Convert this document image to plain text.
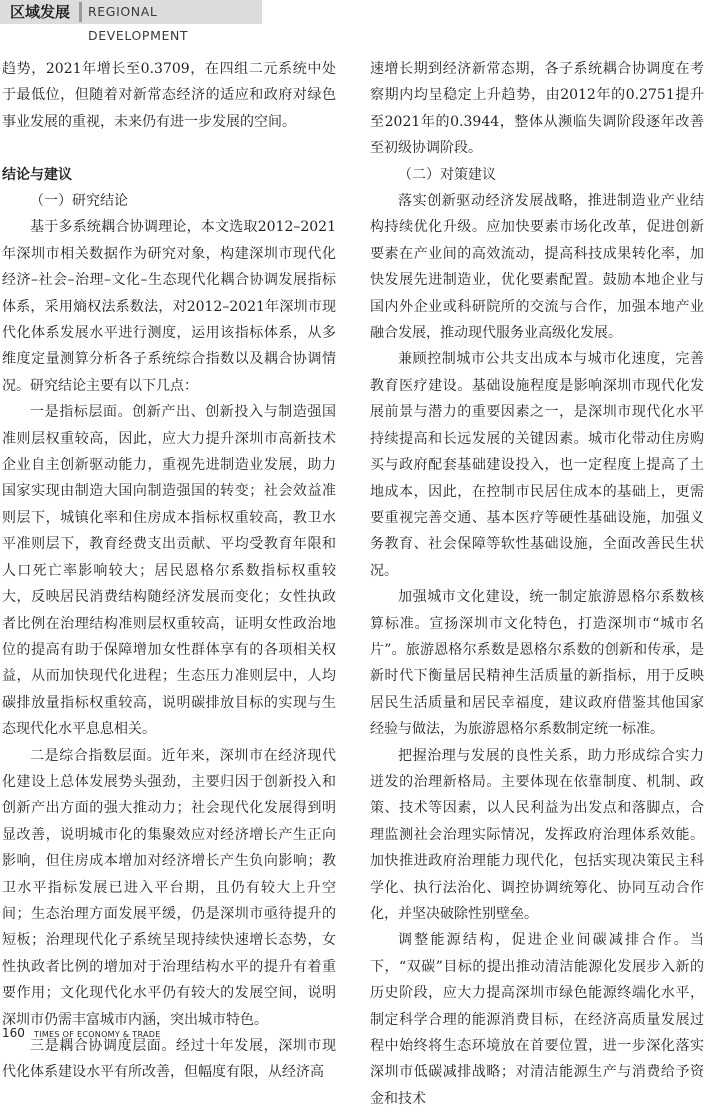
区域发展	REGIONAL DEVELOPMENT

趋势，2021年增长至0.3709，在四组二元系统中处于最低位，但随着对新常态经济的适应和政府对绿色事业发展的重视，未来仍有进一步发展的空间。

结论与建议

（一）研究结论

基于多系统耦合协调理论，本文选取2012–2021年深圳市相关数据作为研究对象，构建深圳市现代化经济–社会–治理–文化–生态现代化耦合协调发展指标体系，采用熵权法系数法，对2012–2021年深圳市现代化体系发展水平进行测度，运用该指标体系，从多维度定量测算分析各子系统综合指数以及耦合协调情况。研究结论主要有以下几点：

一是指标层面。创新产出、创新投入与制造强国准则层权重较高，因此，应大力提升深圳市高新技术企业自主创新驱动能力，重视先进制造业发展，助力国家实现由制造大国向制造强国的转变；社会效益准则层下，城镇化率和住房成本指标权重较高，教卫水平准则层下，教育经费支出贡献、平均受教育年限和人口死亡率影响较大；居民恩格尔系数指标权重较大，反映居民消费结构随经济发展而变化；女性执政者比例在治理结构准则层权重较高，证明女性政治地位的提高有助于保障增加女性群体享有的各项相关权益，从而加快现代化进程；生态压力准则层中，人均碳排放量指标权重较高，说明碳排放目标的实现与生态现代化水平息息相关。

二是综合指数层面。近年来，深圳市在经济现代化建设上总体发展势头强劲，主要归因于创新投入和创新产出方面的强大推动力；社会现代化发展得到明显改善，说明城市化的集聚效应对经济增长产生正向影响，但住房成本增加对经济增长产生负向影响；教卫水平指标发展已进入平台期，且仍有较大上升空间；生态治理方面发展平缓，仍是深圳市亟待提升的短板；治理现代化子系统呈现持续快速增长态势，女性执政者比例的增加对于治理结构水平的提升有着重要作用；文化现代化水平仍有较大的发展空间，说明深圳市仍需丰富城市内涵，突出城市特色。

三是耦合协调度层面。经过十年发展，深圳市现代化体系建设水平有所改善，但幅度有限，从经济高

速增长期到经济新常态期，各子系统耦合协调度在考察期内均呈稳定上升趋势，由2012年的0.2751提升至2021年的0.3944，整体从濒临失调阶段逐年改善至初级协调阶段。

（二）对策建议

落实创新驱动经济发展战略，推进制造业产业结构持续优化升级。应加快要素市场化改革，促进创新要素在产业间的高效流动，提高科技成果转化率，加快发展先进制造业，优化要素配置。鼓励本地企业与国内外企业或科研院所的交流与合作，加强本地产业融合发展，推动现代服务业高级化发展。

兼顾控制城市公共支出成本与城市化速度，完善教育医疗建设。基础设施程度是影响深圳市现代化发展前景与潜力的重要因素之一，是深圳市现代化水平持续提高和长远发展的关键因素。城市化带动住房购买与政府配套基础建设投入，也一定程度上提高了土地成本，因此，在控制市民居住成本的基础上，更需要重视完善交通、基本医疗等硬性基础设施，加强义务教育、社会保障等软性基础设施，全面改善民生状况。

加强城市文化建设，统一制定旅游恩格尔系数核算标准。宣扬深圳市文化特色，打造深圳市“城市名片”。旅游恩格尔系数是恩格尔系数的创新和传承，是新时代下衡量居民精神生活质量的新指标，用于反映居民生活质量和居民幸福度，建议政府借鉴其他国家经验与做法，为旅游恩格尔系数制定统一标准。

把握治理与发展的良性关系，助力形成综合实力迸发的治理新格局。主要体现在依靠制度、机制、政策、技术等因素，以人民利益为出发点和落脚点，合理监测社会治理实际情况，发挥政府治理体系效能。加快推进政府治理能力现代化，包括实现决策民主科学化、执行法治化、调控协调统筹化、协同互动合作化，并坚决破除性别壁垒。

调整能源结构，促进企业间碳减排合作。当下，“双碳”目标的提出推动清洁能源化发展步入新的历史阶段，应大力提高深圳市绿色能源终端化水平，制定科学合理的能源消费目标，在经济高质量发展过程中始终将生态环境放在首要位置，进一步深化落实深圳市低碳减排战略；对清洁能源生产与消费给予资金和技术

160 TIMES OF ECONOMY & TRADE
